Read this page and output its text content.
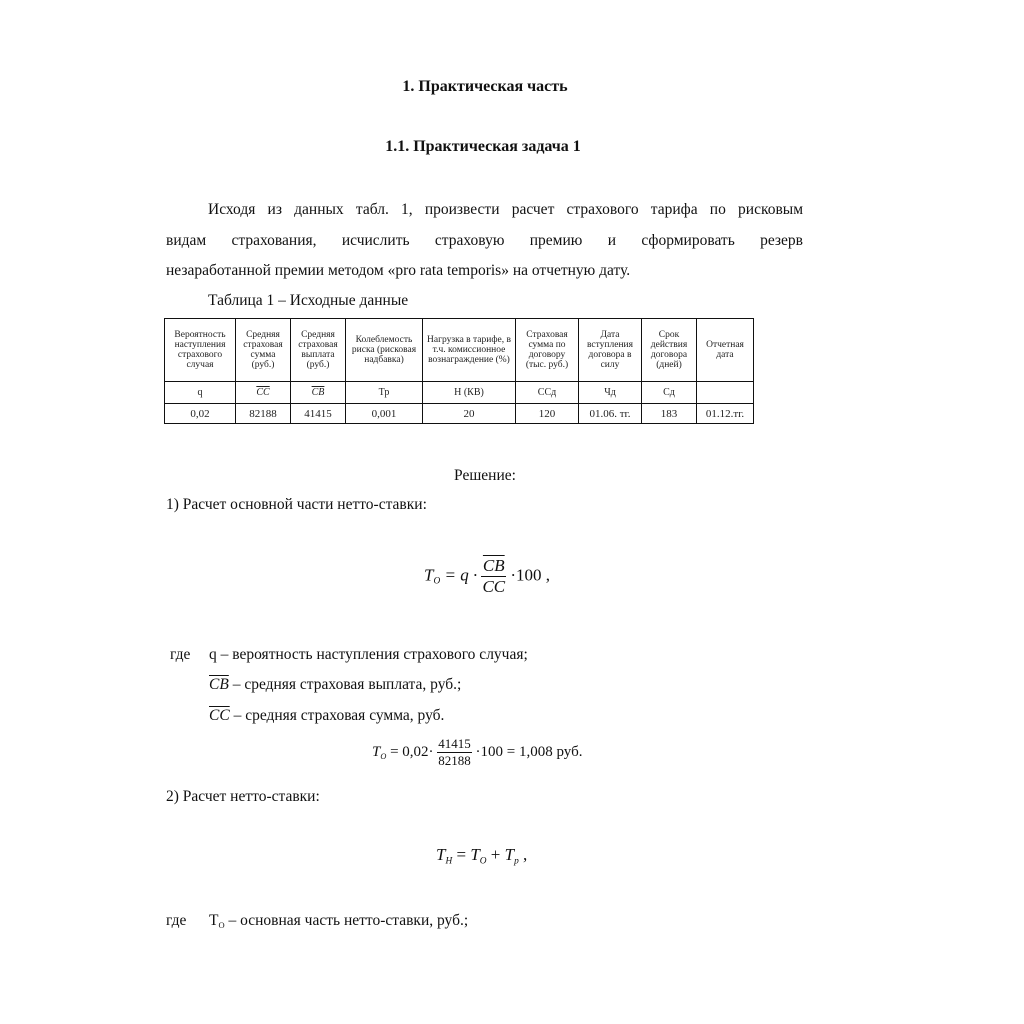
1. Практическая часть
1.1. Практическая задача 1
Исходя из данных табл. 1, произвести расчет страхового тарифа по рисковым
видам страхования, исчислить страховую премию и сформировать резерв
незаработанной премии методом «pro rata temporis» на отчетную дату.
Таблица 1 – Исходные данные
Вероятность наступления страхового случая	Средняя страховая сумма (руб.)	Средняя страховая выплата (руб.)	Колеблемость риска (рисковая надбавка)	Нагрузка в тарифе, в т.ч. комиссионное вознаграждение (%)	Страховая сумма по договору (тыс. руб.)	Дата вступления договора в силу	Срок действия договора (дней)	Отчетная дата
q	$\overline{CC}$	$\overline{CB}$	Тр	Н (КВ)	ССд	Чд	Сд	
0,02	82188	41415	0,001	20	120	01.06. тг.	183	01.12.тг.
Решение:
1) Расчет основной части нетто-ставки:
$T_O = q \cdot \frac{\overline{CB}}{CC} \cdot 100$ ,
где q – вероятность наступления страхового случая;
$\overline{CB}$ – средняя страховая выплата, руб.;
$\overline{CC}$ – средняя страховая сумма, руб.
$T_O = 0,02\cdot \frac{41415}{82188} \cdot 100 = 1,008$ руб.
2) Расчет нетто-ставки:
$T_Н = T_O + T_р$ ,
где $Т_О$ – основная часть нетто-ставки, руб.;
